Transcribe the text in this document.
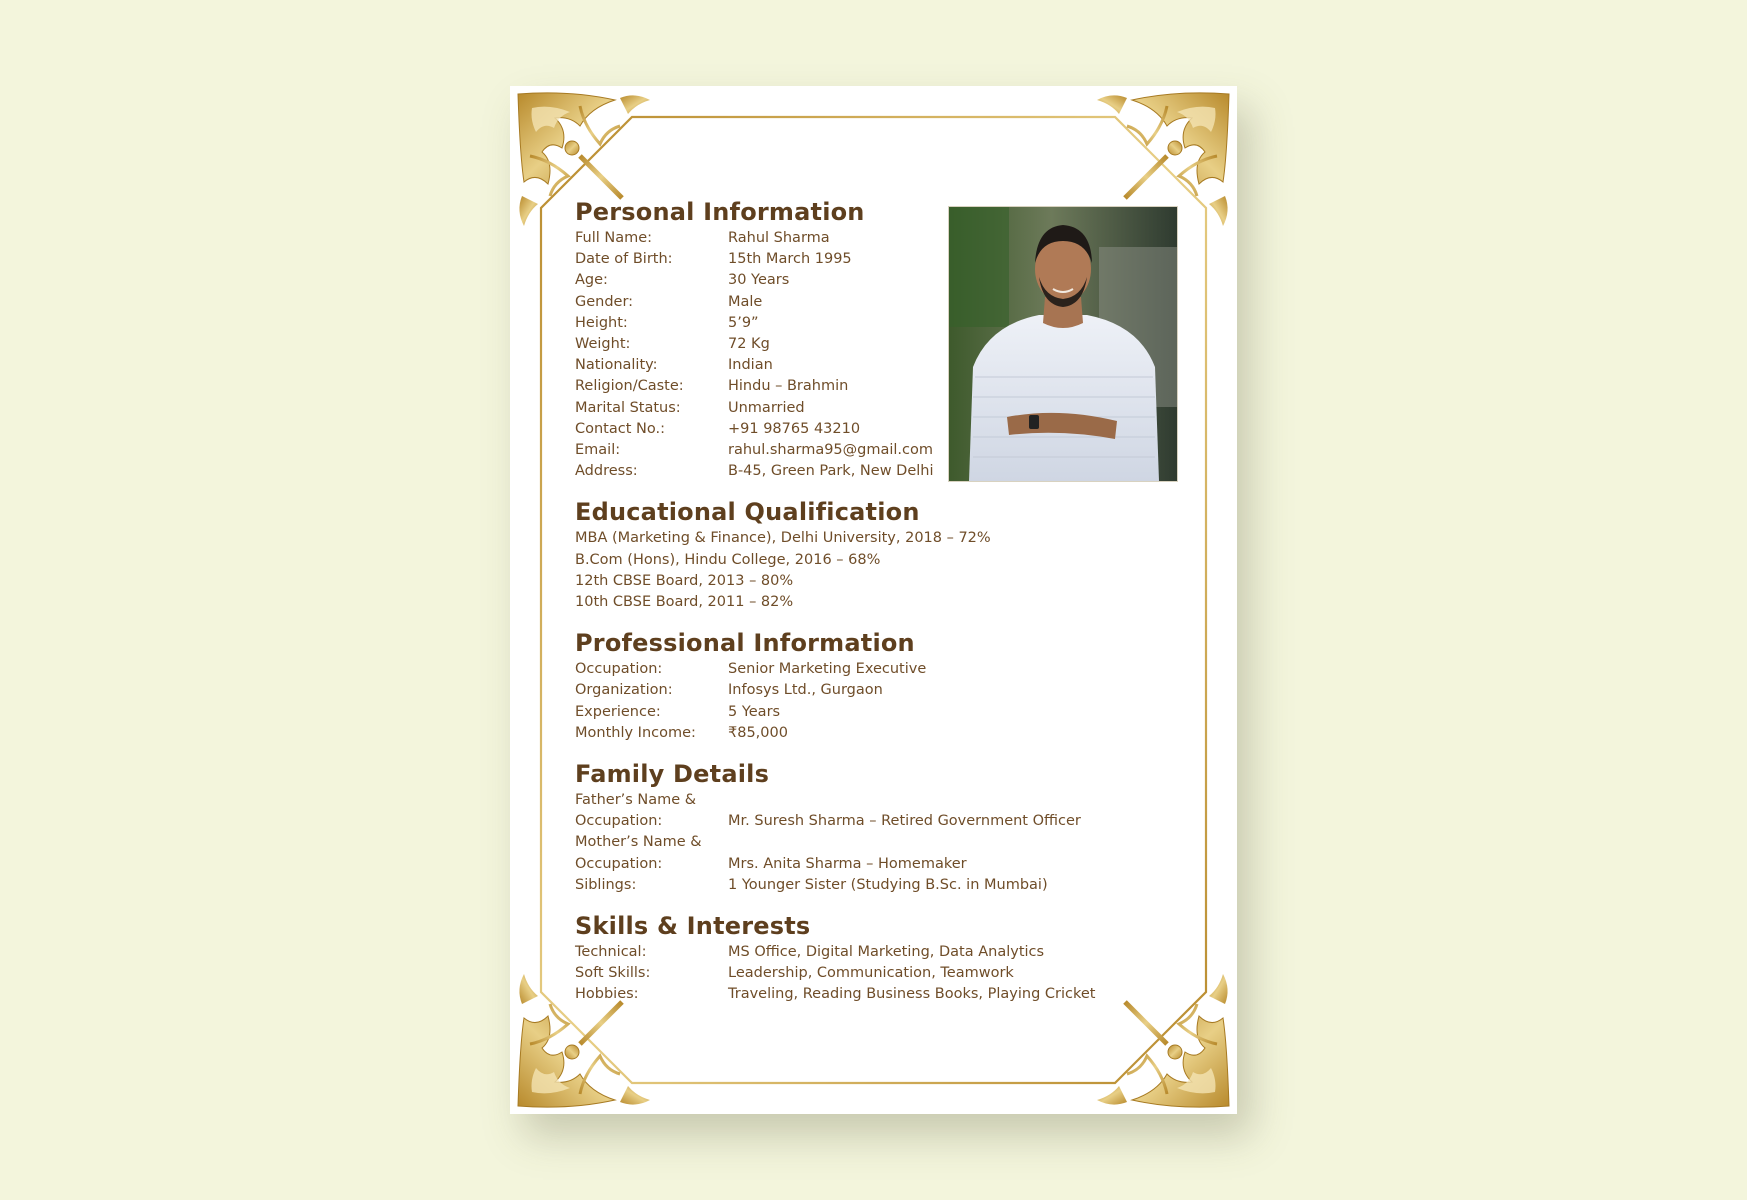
Personal Information
Full Name:	Rahul Sharma
Date of Birth:	15th March 1995
Age:	30 Years
Gender:	Male
Height:	5’9”
Weight:	72 Kg
Nationality:	Indian
Religion/Caste:	Hindu – Brahmin
Marital Status:	Unmarried
Contact No.:	+91 98765 43210
Email:	rahul.sharma95@gmail.com
Address:	B-45, Green Park, New Delhi
Educational Qualification
MBA (Marketing & Finance), Delhi University, 2018 – 72%
B.Com (Hons), Hindu College, 2016 – 68%
12th CBSE Board, 2013 – 80%
10th CBSE Board, 2011 – 82%
Professional Information
Occupation:	Senior Marketing Executive
Organization:	Infosys Ltd., Gurgaon
Experience:	5 Years
Monthly Income:	₹85,000
Family Details
Father’s Name &
Occupation:	Mr. Suresh Sharma – Retired Government Officer
Mother’s Name &
Occupation:	Mrs. Anita Sharma – Homemaker
Siblings:	1 Younger Sister (Studying B.Sc. in Mumbai)
Skills & Interests
Technical:	MS Office, Digital Marketing, Data Analytics
Soft Skills:	Leadership, Communication, Teamwork
Hobbies:	Traveling, Reading Business Books, Playing Cricket
